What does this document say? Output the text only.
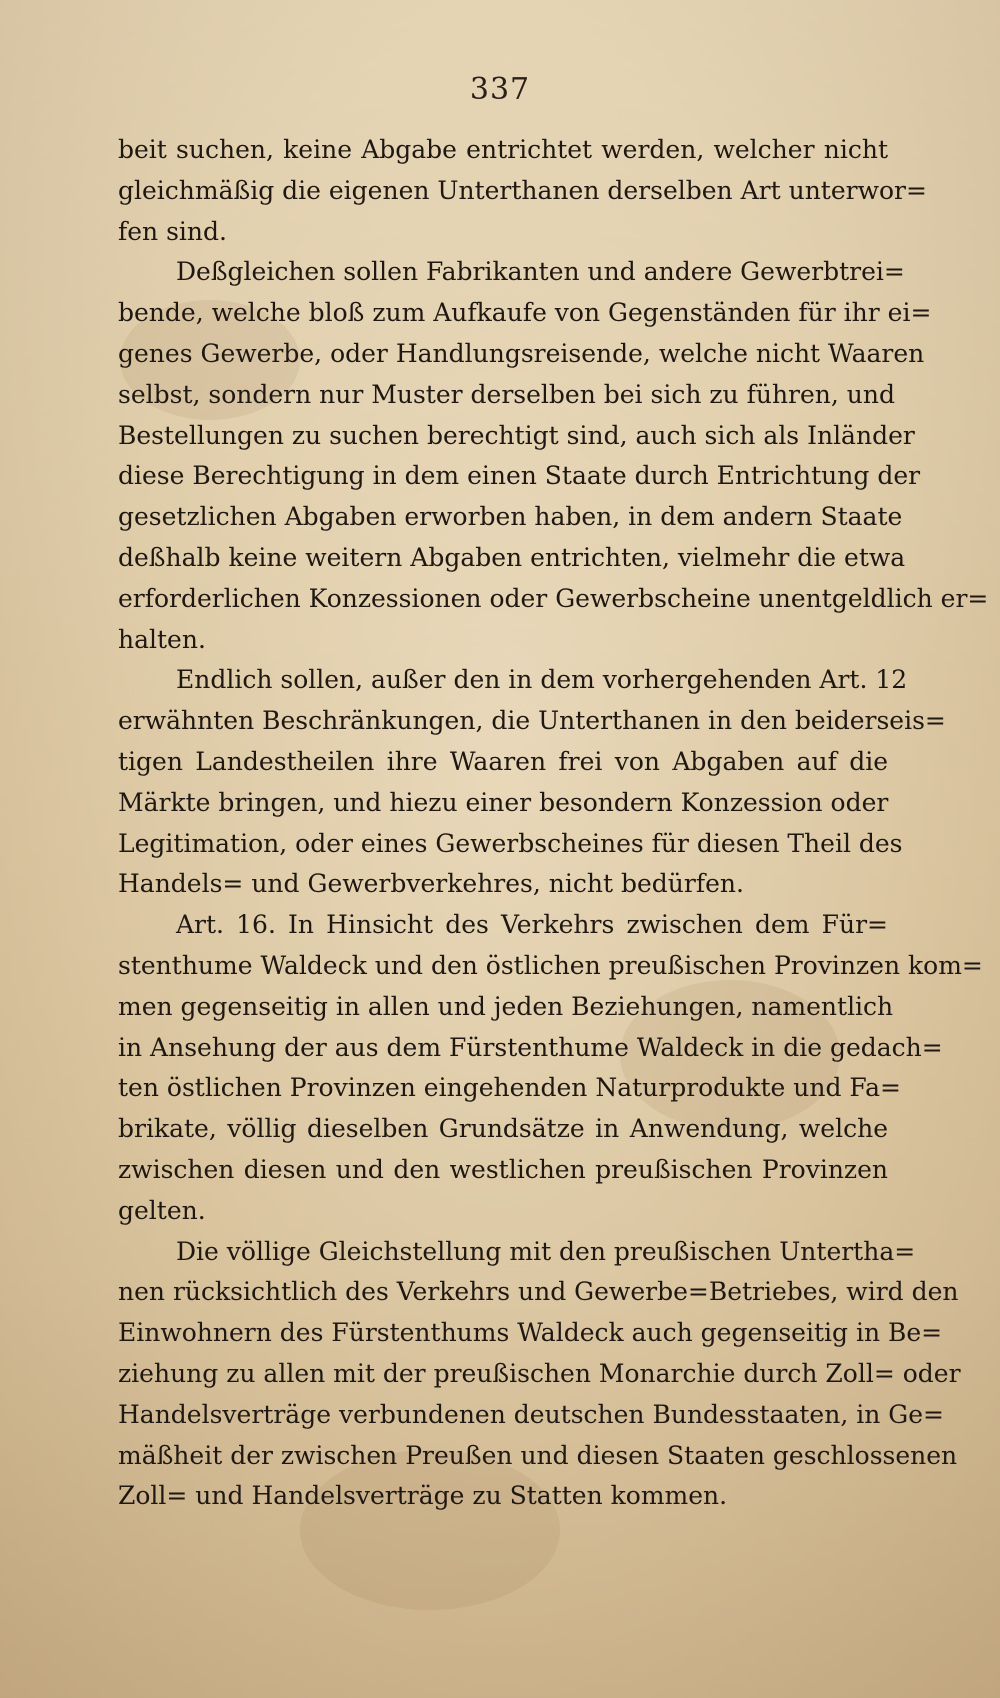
337
beit suchen, keine Abgabe entrichtet werden, welcher nicht
gleichmäßig die eigenen Unterthanen derselben Art unterwor=
fen sind.
Deßgleichen sollen Fabrikanten und andere Gewerbtrei=
bende, welche bloß zum Aufkaufe von Gegenständen für ihr ei=
genes Gewerbe, oder Handlungsreisende, welche nicht Waaren
selbst, sondern nur Muster derselben bei sich zu führen, und
Bestellungen zu suchen berechtigt sind, auch sich als Inländer
diese Berechtigung in dem einen Staate durch Entrichtung der
gesetzlichen Abgaben erworben haben, in dem andern Staate
deßhalb keine weitern Abgaben entrichten, vielmehr die etwa
erforderlichen Konzessionen oder Gewerbscheine unentgeldlich er=
halten.
Endlich sollen, außer den in dem vorhergehenden Art. 12
erwähnten Beschränkungen, die Unterthanen in den beiderseis=
tigen Landestheilen ihre Waaren frei von Abgaben auf die
Märkte bringen, und hiezu einer besondern Konzession oder
Legitimation, oder eines Gewerbscheines für diesen Theil des
Handels= und Gewerbverkehres, nicht bedürfen.
Art. 16. In Hinsicht des Verkehrs zwischen dem Für=
stenthume Waldeck und den östlichen preußischen Provinzen kom=
men gegenseitig in allen und jeden Beziehungen, namentlich
in Ansehung der aus dem Fürstenthume Waldeck in die gedach=
ten östlichen Provinzen eingehenden Naturprodukte und Fa=
brikate, völlig dieselben Grundsätze in Anwendung, welche
zwischen diesen und den westlichen preußischen Provinzen
gelten.
Die völlige Gleichstellung mit den preußischen Untertha=
nen rücksichtlich des Verkehrs und Gewerbe=Betriebes, wird den
Einwohnern des Fürstenthums Waldeck auch gegenseitig in Be=
ziehung zu allen mit der preußischen Monarchie durch Zoll= oder
Handelsverträge verbundenen deutschen Bundesstaaten, in Ge=
mäßheit der zwischen Preußen und diesen Staaten geschlossenen
Zoll= und Handelsverträge zu Statten kommen.
